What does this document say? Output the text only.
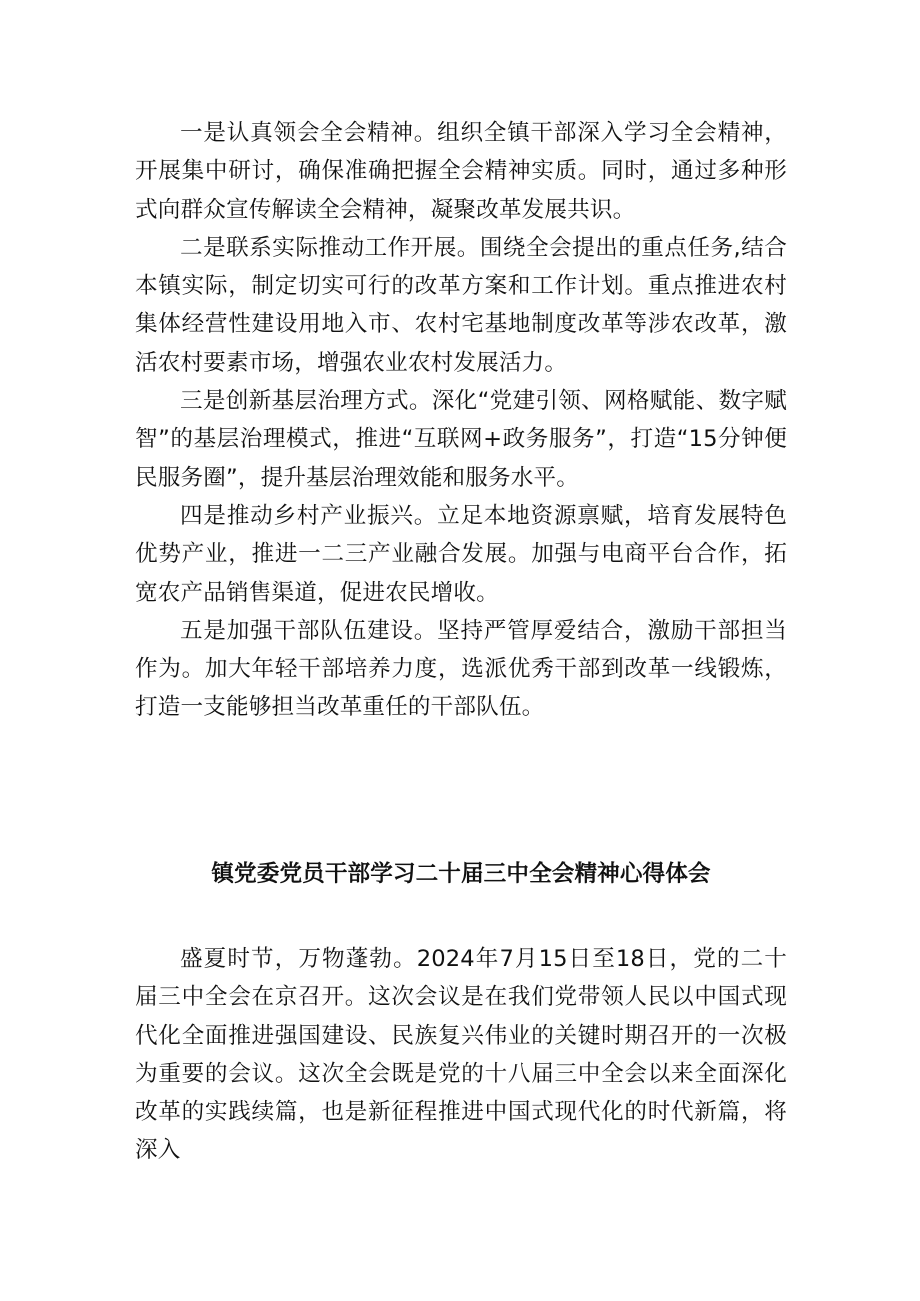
一是认真领会全会精神。组织全镇干部深入学习全会精神，开展集中研讨，确保准确把握全会精神实质。同时，通过多种形式向群众宣传解读全会精神，凝聚改革发展共识。

二是联系实际推动工作开展。围绕全会提出的重点任务,结合本镇实际，制定切实可行的改革方案和工作计划。重点推进农村集体经营性建设用地入市、农村宅基地制度改革等涉农改革，激活农村要素市场，增强农业农村发展活力。

三是创新基层治理方式。深化“党建引领、网格赋能、数字赋智”的基层治理模式，推进“互联网+政务服务”，打造“15分钟便民服务圈”，提升基层治理效能和服务水平。

四是推动乡村产业振兴。立足本地资源禀赋，培育发展特色优势产业，推进一二三产业融合发展。加强与电商平台合作，拓宽农产品销售渠道，促进农民增收。

五是加强干部队伍建设。坚持严管厚爱结合，激励干部担当作为。加大年轻干部培养力度，选派优秀干部到改革一线锻炼，打造一支能够担当改革重任的干部队伍。

镇党委党员干部学习二十届三中全会精神心得体会

盛夏时节，万物蓬勃。2024年7月15日至18日，党的二十届三中全会在京召开。这次会议是在我们党带领人民以中国式现代化全面推进强国建设、民族复兴伟业的关键时期召开的一次极为重要的会议。这次全会既是党的十八届三中全会以来全面深化改革的实践续篇，也是新征程推进中国式现代化的时代新篇，将深入
